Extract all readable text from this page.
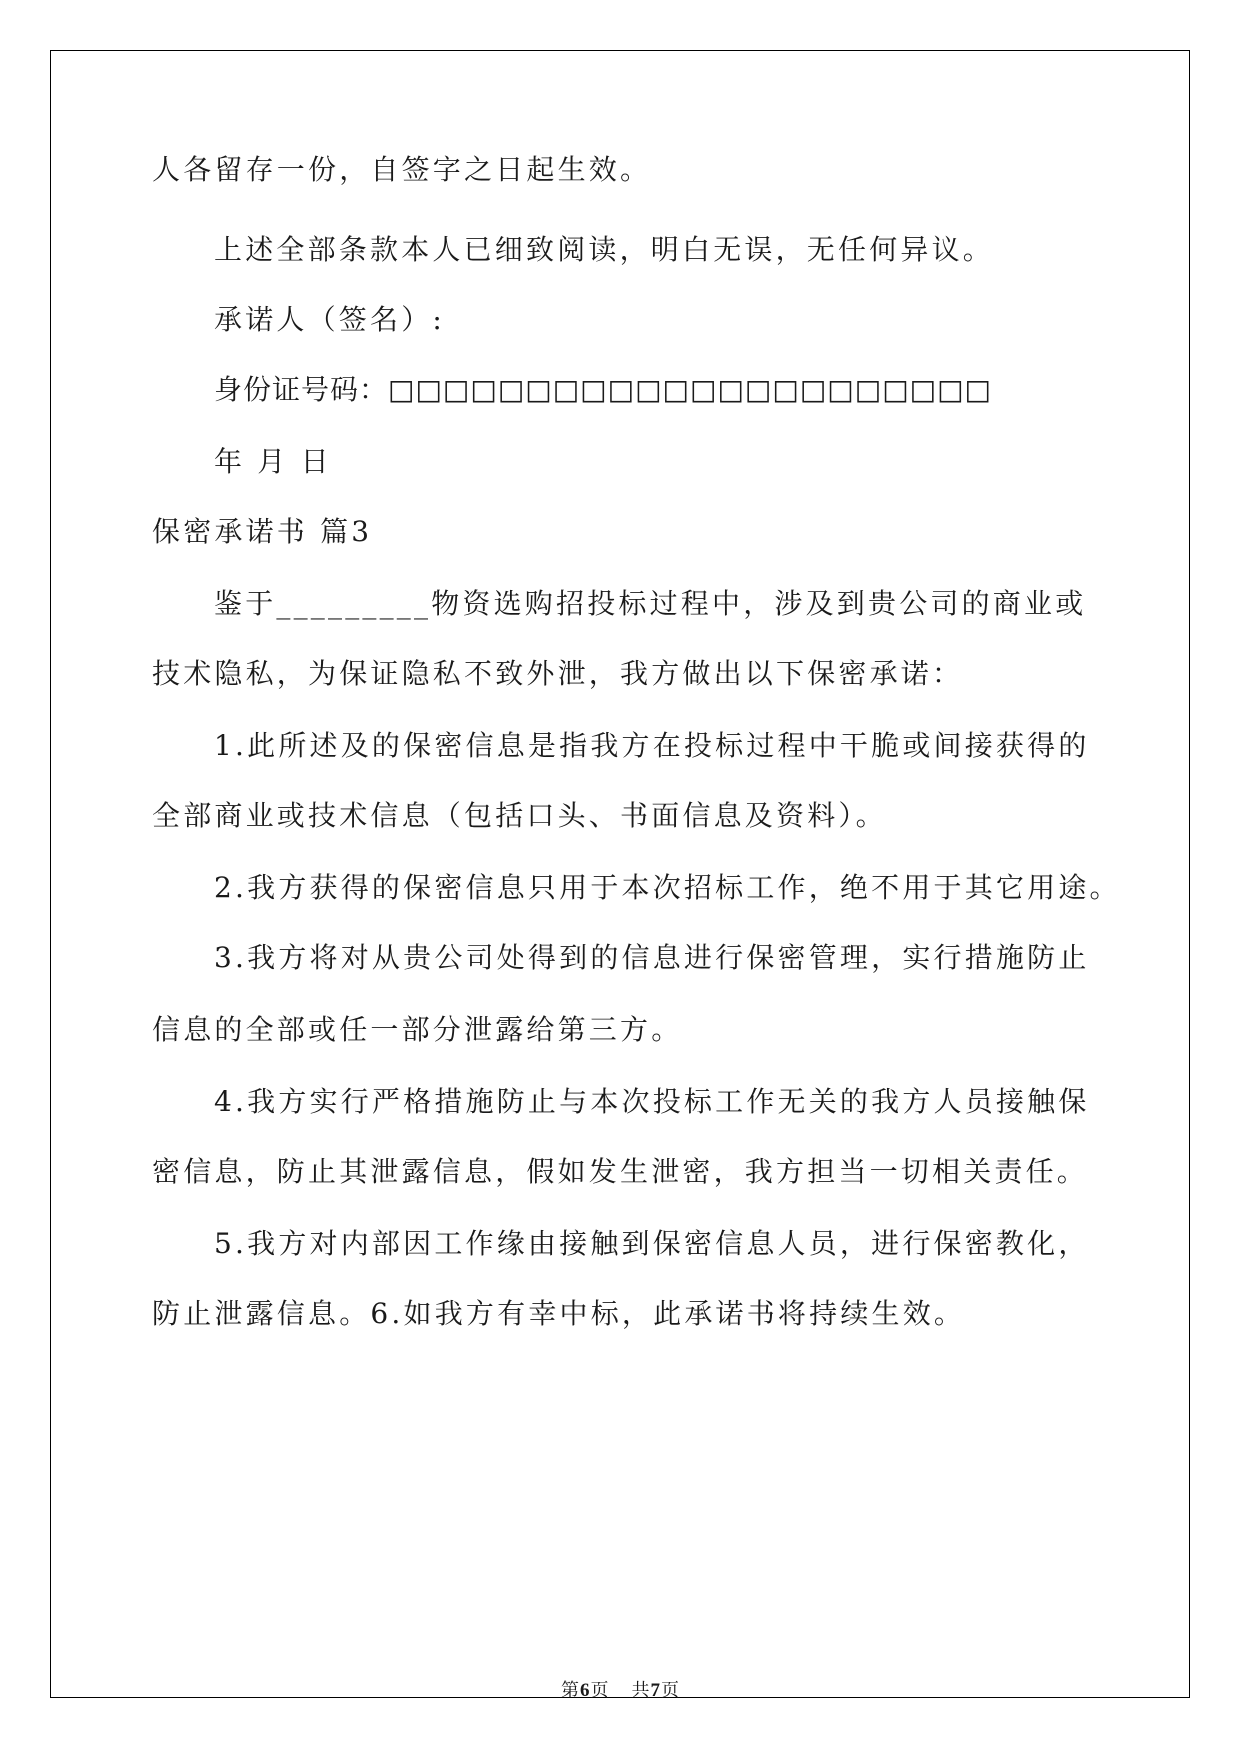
人各留存一份，自签字之日起生效。
上述全部条款本人已细致阅读，明白无误，无任何异议。
承诺人（签名）:
身份证号码：□□□□□□□□□□□□□□□□□□□□□□
年 月 日
保密承诺书 篇3
鉴于_________物资选购招投标过程中，涉及到贵公司的商业或
技术隐私，为保证隐私不致外泄，我方做出以下保密承诺：
1.此所述及的保密信息是指我方在投标过程中干脆或间接获得的
全部商业或技术信息（包括口头、书面信息及资料）。
2.我方获得的保密信息只用于本次招标工作，绝不用于其它用途。
3.我方将对从贵公司处得到的信息进行保密管理，实行措施防止
信息的全部或任一部分泄露给第三方。
4.我方实行严格措施防止与本次投标工作无关的我方人员接触保
密信息，防止其泄露信息，假如发生泄密，我方担当一切相关责任。
5.我方对内部因工作缘由接触到保密信息人员，进行保密教化，
防止泄露信息。6.如我方有幸中标，此承诺书将持续生效。
第6页 共7页
